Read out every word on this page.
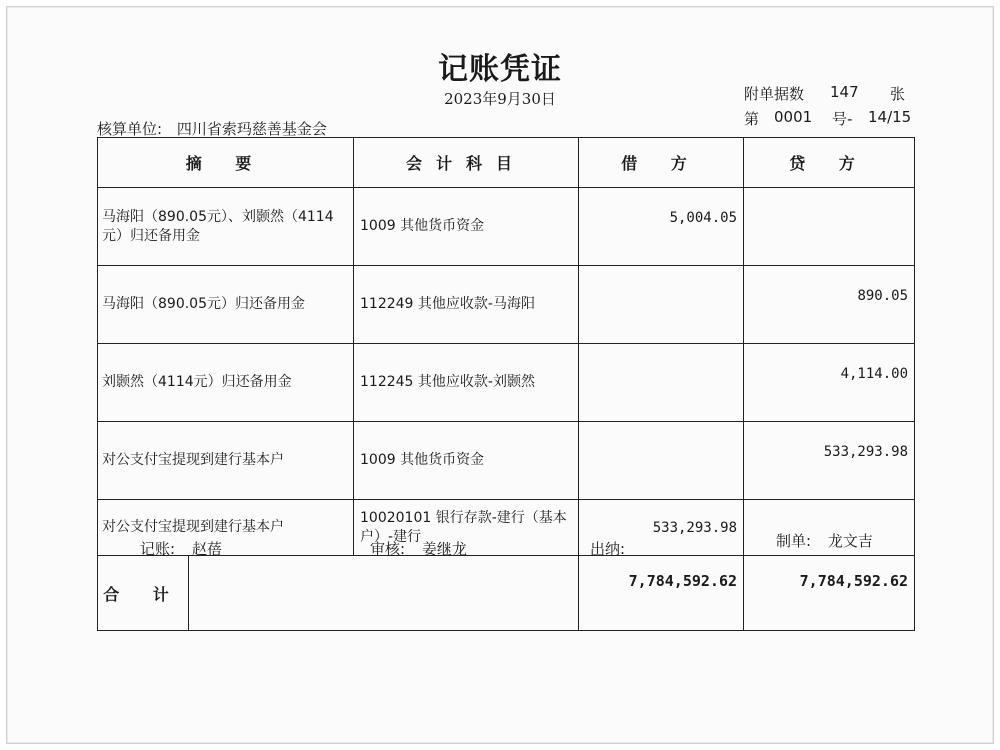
记账凭证
2023年9月30日	附单据数 147 张
第 0001 号- 14/15
核算单位: 四川省索玛慈善基金会
摘 要		会计科目	借 方	贷 方
马海阳（890.05元）、刘颢然（4114元）归还备用金		1009 其他货币资金	5,004.05	
马海阳（890.05元）归还备用金		112249 其他应收款-马海阳		890.05
刘颢然（4114元）归还备用金		112245 其他应收款-刘颢然		4,114.00
对公支付宝提现到建行基本户		1009 其他货币资金		533,293.98
对公支付宝提现到建行基本户		10020101 银行存款-建行（基本户）-建行	533,293.98	
合 计			7,784,592.62	7,784,592.62
记账: 赵蓓	审核: 姜继龙	出纳:	制单: 龙文吉
